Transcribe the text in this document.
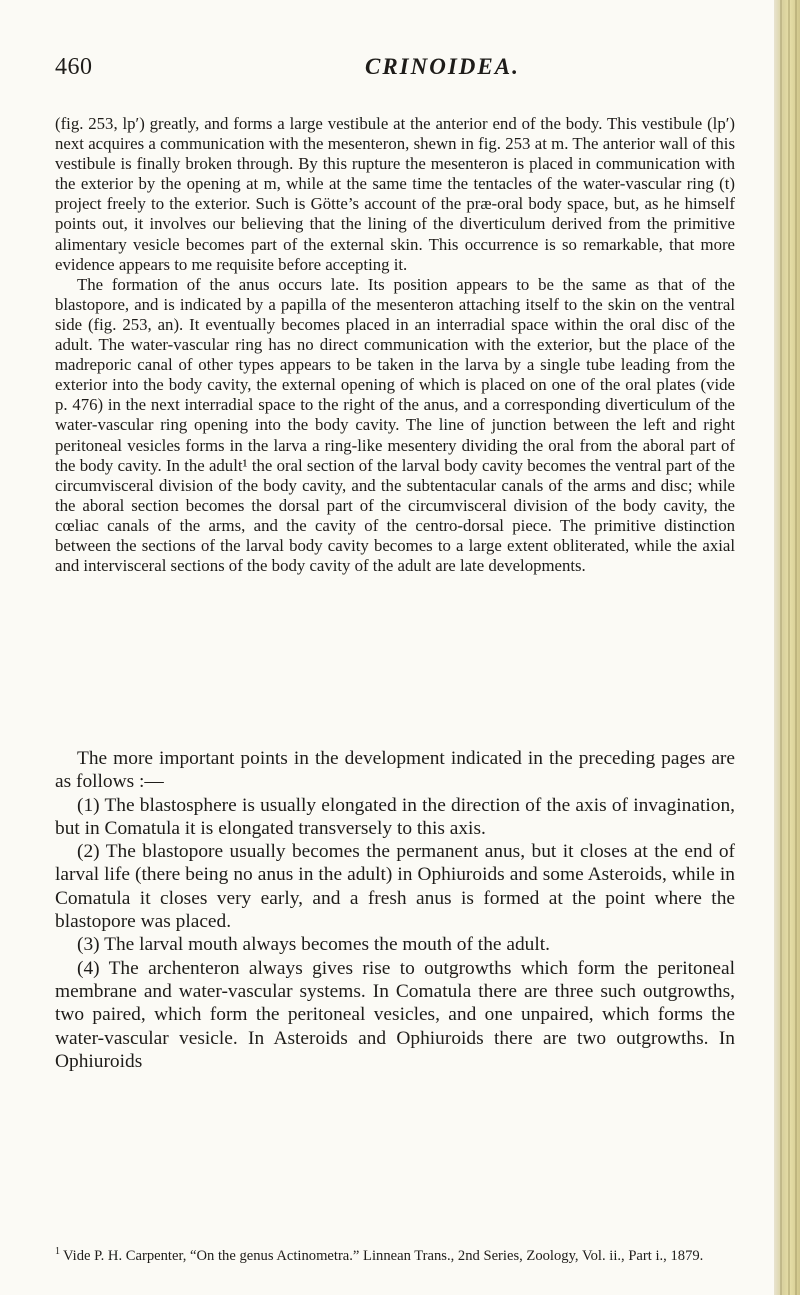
460	CRINOIDEA.

(fig. 253, lp′) greatly, and forms a large vestibule at the anterior end of the body. This vestibule (lp′) next acquires a communication with the mesenteron, shewn in fig. 253 at m. The anterior wall of this vestibule is finally broken through. By this rupture the mesenteron is placed in communication with the exterior by the opening at m, while at the same time the tentacles of the water-vascular ring (t) project freely to the exterior. Such is Götte’s account of the præ-oral body space, but, as he himself points out, it involves our believing that the lining of the diverticulum derived from the primitive alimentary vesicle becomes part of the external skin. This occurrence is so remarkable, that more evidence appears to me requisite before accepting it.

The formation of the anus occurs late. Its position appears to be the same as that of the blastopore, and is indicated by a papilla of the mesenteron attaching itself to the skin on the ventral side (fig. 253, an). It eventually becomes placed in an interradial space within the oral disc of the adult. The water-vascular ring has no direct communication with the exterior, but the place of the madreporic canal of other types appears to be taken in the larva by a single tube leading from the exterior into the body cavity, the external opening of which is placed on one of the oral plates (vide p. 476) in the next interradial space to the right of the anus, and a corresponding diverticulum of the water-vascular ring opening into the body cavity. The line of junction between the left and right peritoneal vesicles forms in the larva a ring-like mesentery dividing the oral from the aboral part of the body cavity. In the adult¹ the oral section of the larval body cavity becomes the ventral part of the circumvisceral division of the body cavity, and the subtentacular canals of the arms and disc; while the aboral section becomes the dorsal part of the circumvisceral division of the body cavity, the cœliac canals of the arms, and the cavity of the centro-dorsal piece. The primitive distinction between the sections of the larval body cavity becomes to a large extent obliterated, while the axial and intervisceral sections of the body cavity of the adult are late developments.

The more important points in the development indicated in the preceding pages are as follows :—

(1) The blastosphere is usually elongated in the direction of the axis of invagination, but in Comatula it is elongated transversely to this axis.

(2) The blastopore usually becomes the permanent anus, but it closes at the end of larval life (there being no anus in the adult) in Ophiuroids and some Asteroids, while in Comatula it closes very early, and a fresh anus is formed at the point where the blastopore was placed.

(3) The larval mouth always becomes the mouth of the adult.

(4) The archenteron always gives rise to outgrowths which form the peritoneal membrane and water-vascular systems. In Comatula there are three such outgrowths, two paired, which form the peritoneal vesicles, and one unpaired, which forms the water-vascular vesicle. In Asteroids and Ophiuroids there are two outgrowths. In Ophiuroids

$^1$ Vide P. H. Carpenter, “On the genus Actinometra.” Linnean Trans., 2nd Series, Zoology, Vol. ii., Part i., 1879.
